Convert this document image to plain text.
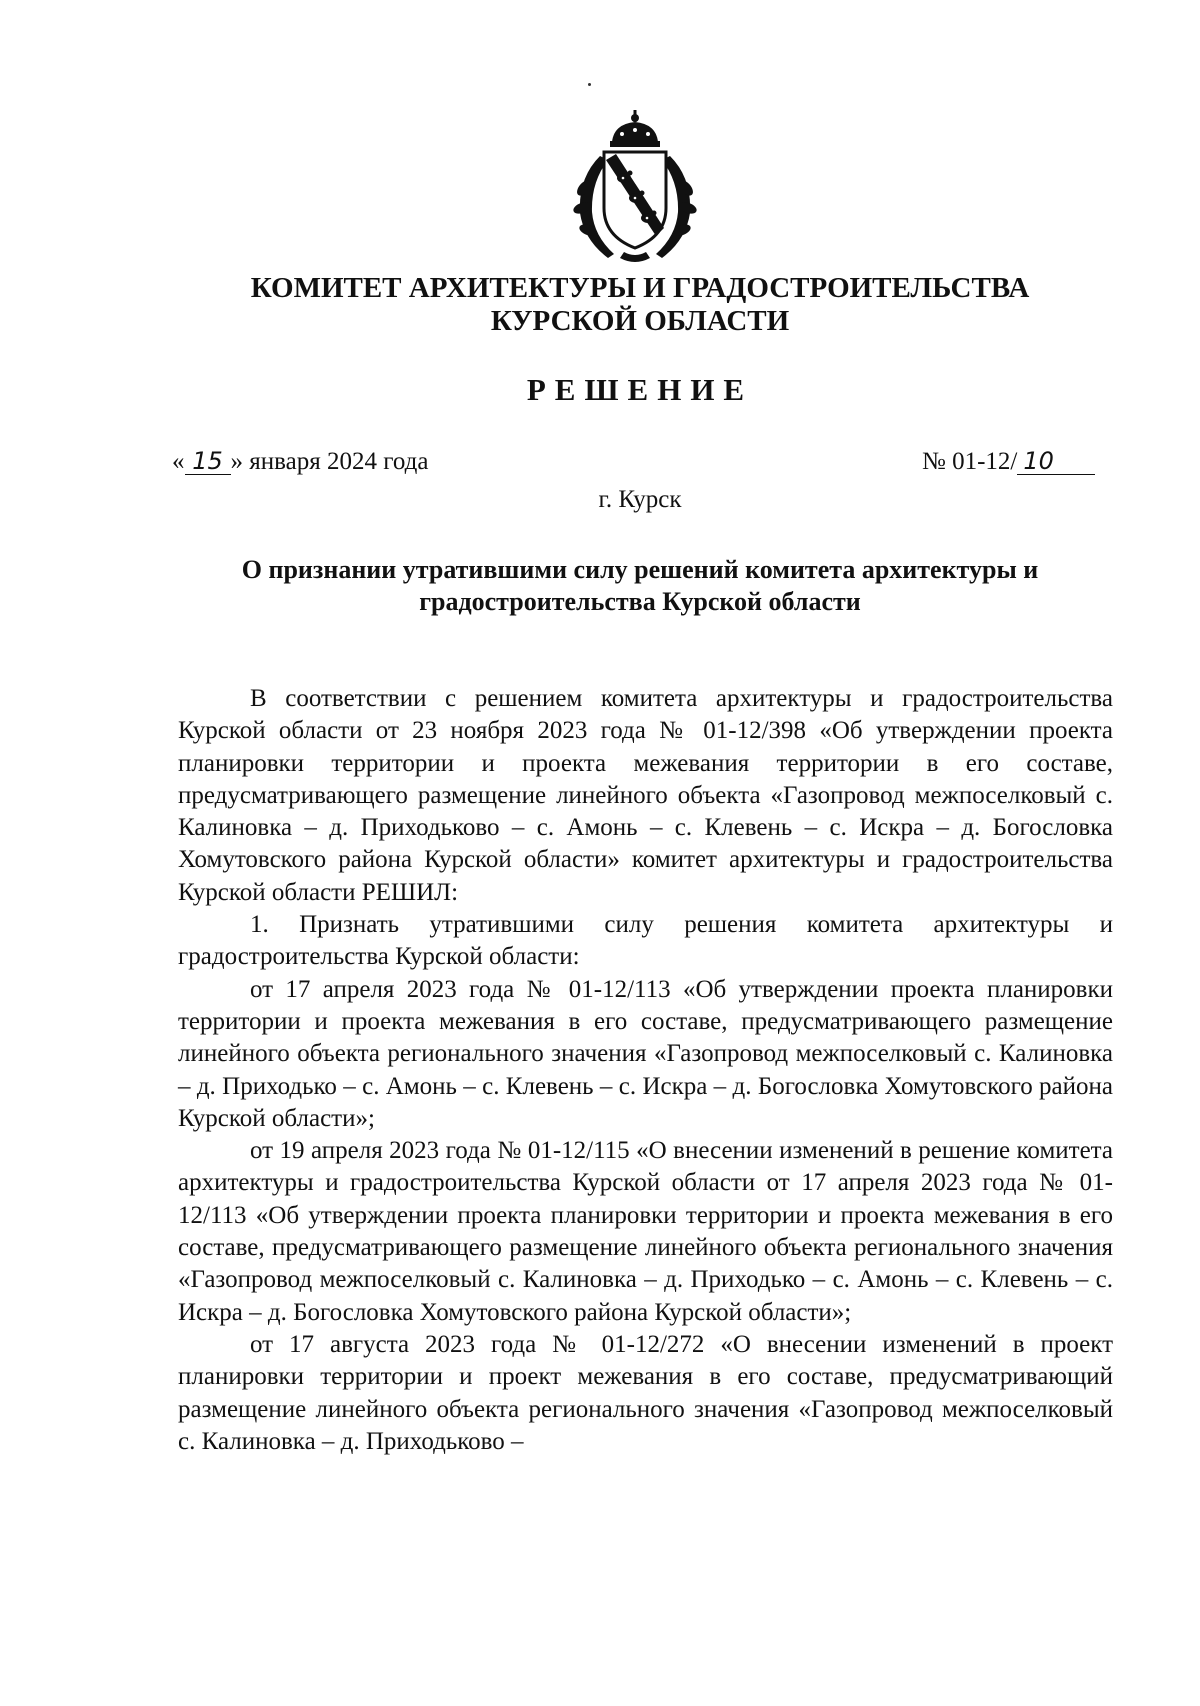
КОМИТЕТ АРХИТЕКТУРЫ И ГРАДОСТРОИТЕЛЬСТВА
КУРСКОЙ ОБЛАСТИ
РЕШЕНИЕ
« 15 » января 2024 года	№ 01-12/ 10
г. Курск
О признании утратившими силу решений комитета архитектуры и
градостроительства Курской области

В соответствии с решением комитета архитектуры и градостроительства Курской области от 23 ноября 2023 года № 01-12/398 «Об утверждении проекта планировки территории и проекта межевания территории в его составе, предусматривающего размещение линейного объекта «Газопровод межпоселковый с. Калиновка – д. Приходьково – с. Амонь – с. Клевень – с. Искра – д. Богословка Хомутовского района Курской области» комитет архитектуры и градостроительства Курской области РЕШИЛ:

1. Признать утратившими силу решения комитета архитектуры и градостроительства Курской области:

от 17 апреля 2023 года № 01-12/113 «Об утверждении проекта планировки территории и проекта межевания в его составе, предусматривающего размещение линейного объекта регионального значения «Газопровод межпоселковый с. Калиновка – д. Приходько – с. Амонь – с. Клевень – с. Искра – д. Богословка Хомутовского района Курской области»;

от 19 апреля 2023 года № 01-12/115 «О внесении изменений в решение комитета архитектуры и градостроительства Курской области от 17 апреля 2023 года № 01-12/113 «Об утверждении проекта планировки территории и проекта межевания в его составе, предусматривающего размещение линейного объекта регионального значения «Газопровод межпоселковый с. Калиновка – д. Приходько – с. Амонь – с. Клевень – с. Искра – д. Богословка Хомутовского района Курской области»;

от 17 августа 2023 года № 01-12/272 «О внесении изменений в проект планировки территории и проект межевания в его составе, предусматривающий размещение линейного объекта регионального значения «Газопровод межпоселковый с. Калиновка – д. Приходьково –
